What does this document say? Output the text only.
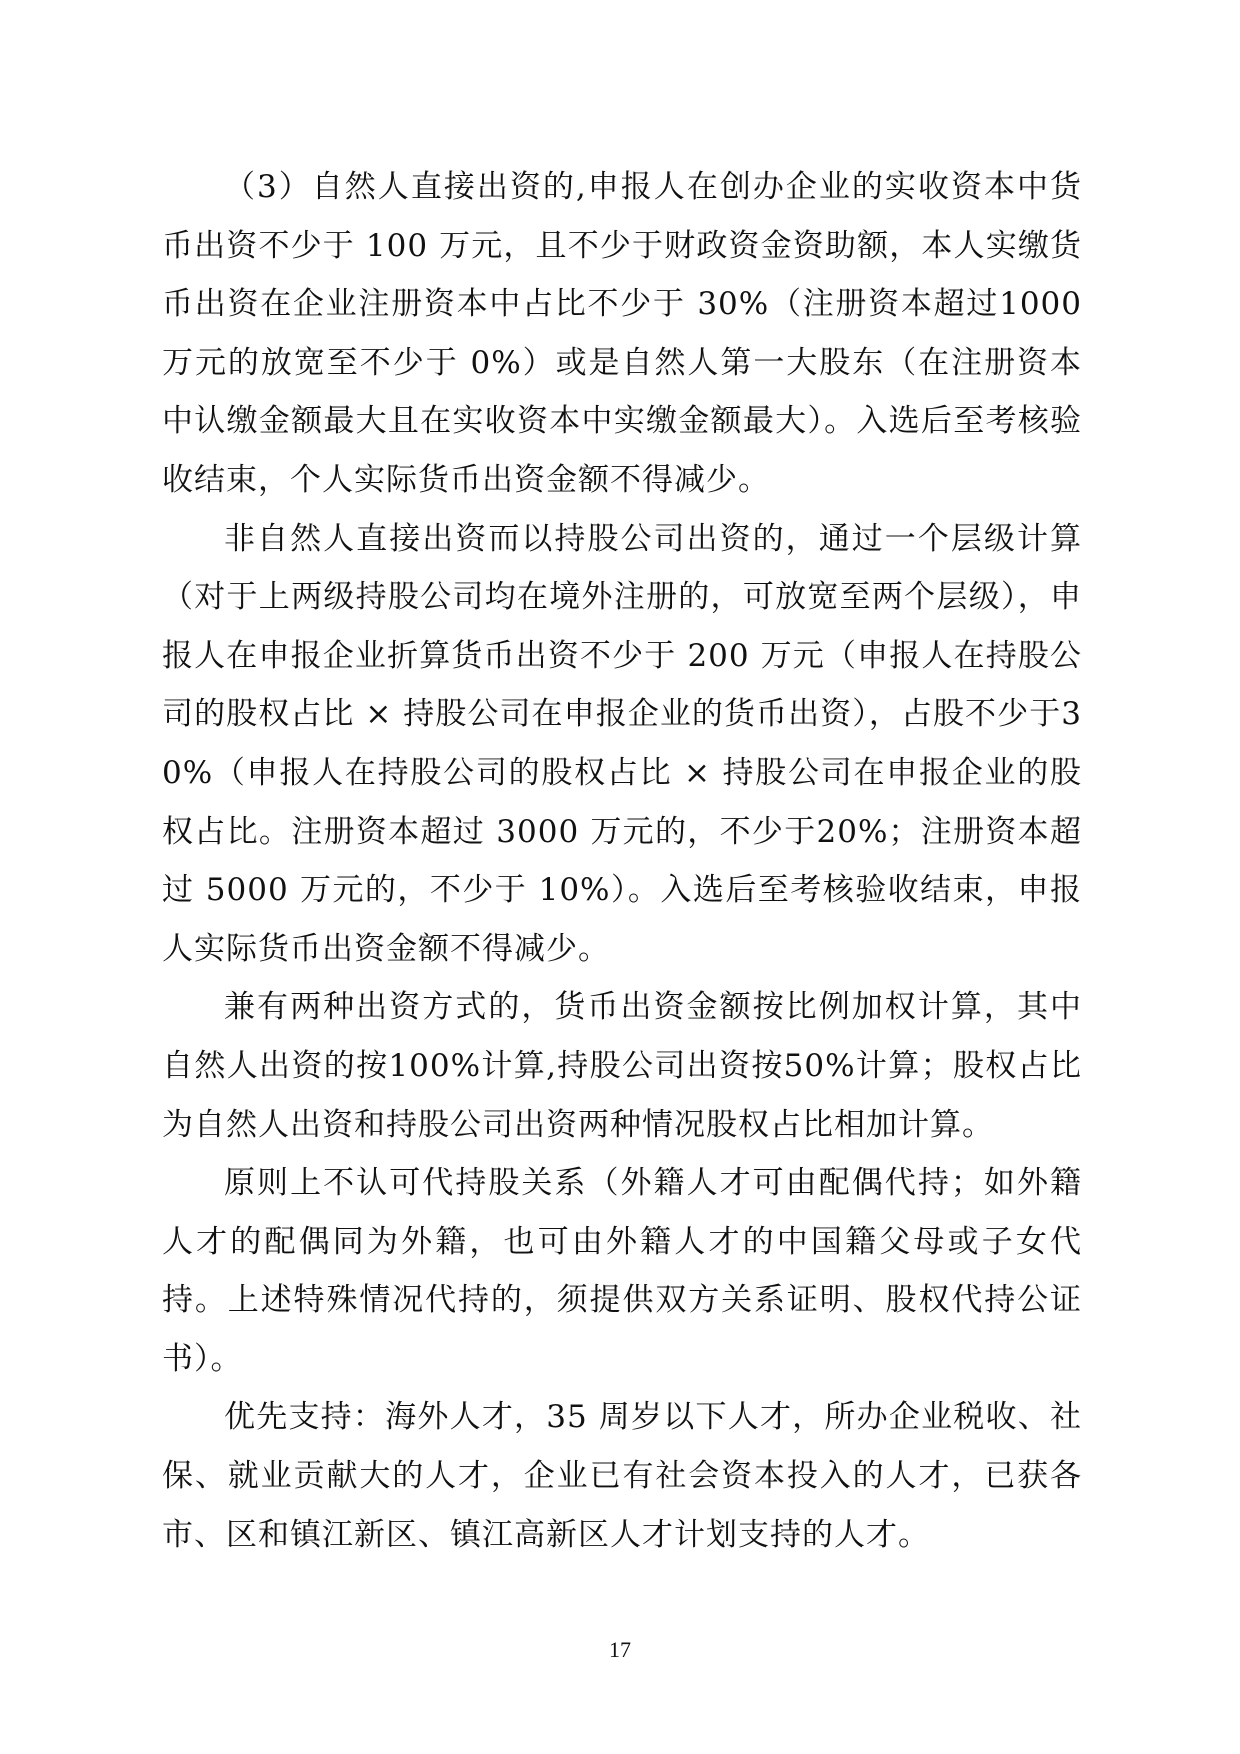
（3）自然人直接出资的,申报人在创办企业的实收资本中货币出资不少于 100 万元，且不少于财政资金资助额，本人实缴货币出资在企业注册资本中占比不少于 30%（注册资本超过1000万元的放宽至不少于 0%）或是自然人第一大股东（在注册资本中认缴金额最大且在实收资本中实缴金额最大）。入选后至考核验收结束，个人实际货币出资金额不得减少。

非自然人直接出资而以持股公司出资的，通过一个层级计算（对于上两级持股公司均在境外注册的，可放宽至两个层级），申报人在申报企业折算货币出资不少于 200 万元（申报人在持股公司的股权占比 × 持股公司在申报企业的货币出资），占股不少于30%（申报人在持股公司的股权占比 × 持股公司在申报企业的股权占比。注册资本超过 3000 万元的，不少于20%；注册资本超过 5000 万元的，不少于 10%）。入选后至考核验收结束，申报人实际货币出资金额不得减少。

兼有两种出资方式的，货币出资金额按比例加权计算，其中自然人出资的按100%计算,持股公司出资按50%计算；股权占比为自然人出资和持股公司出资两种情况股权占比相加计算。

原则上不认可代持股关系（外籍人才可由配偶代持；如外籍人才的配偶同为外籍，也可由外籍人才的中国籍父母或子女代持。上述特殊情况代持的，须提供双方关系证明、股权代持公证书）。

优先支持：海外人才，35 周岁以下人才，所办企业税收、社保、就业贡献大的人才，企业已有社会资本投入的人才，已获各市、区和镇江新区、镇江高新区人才计划支持的人才。

17
